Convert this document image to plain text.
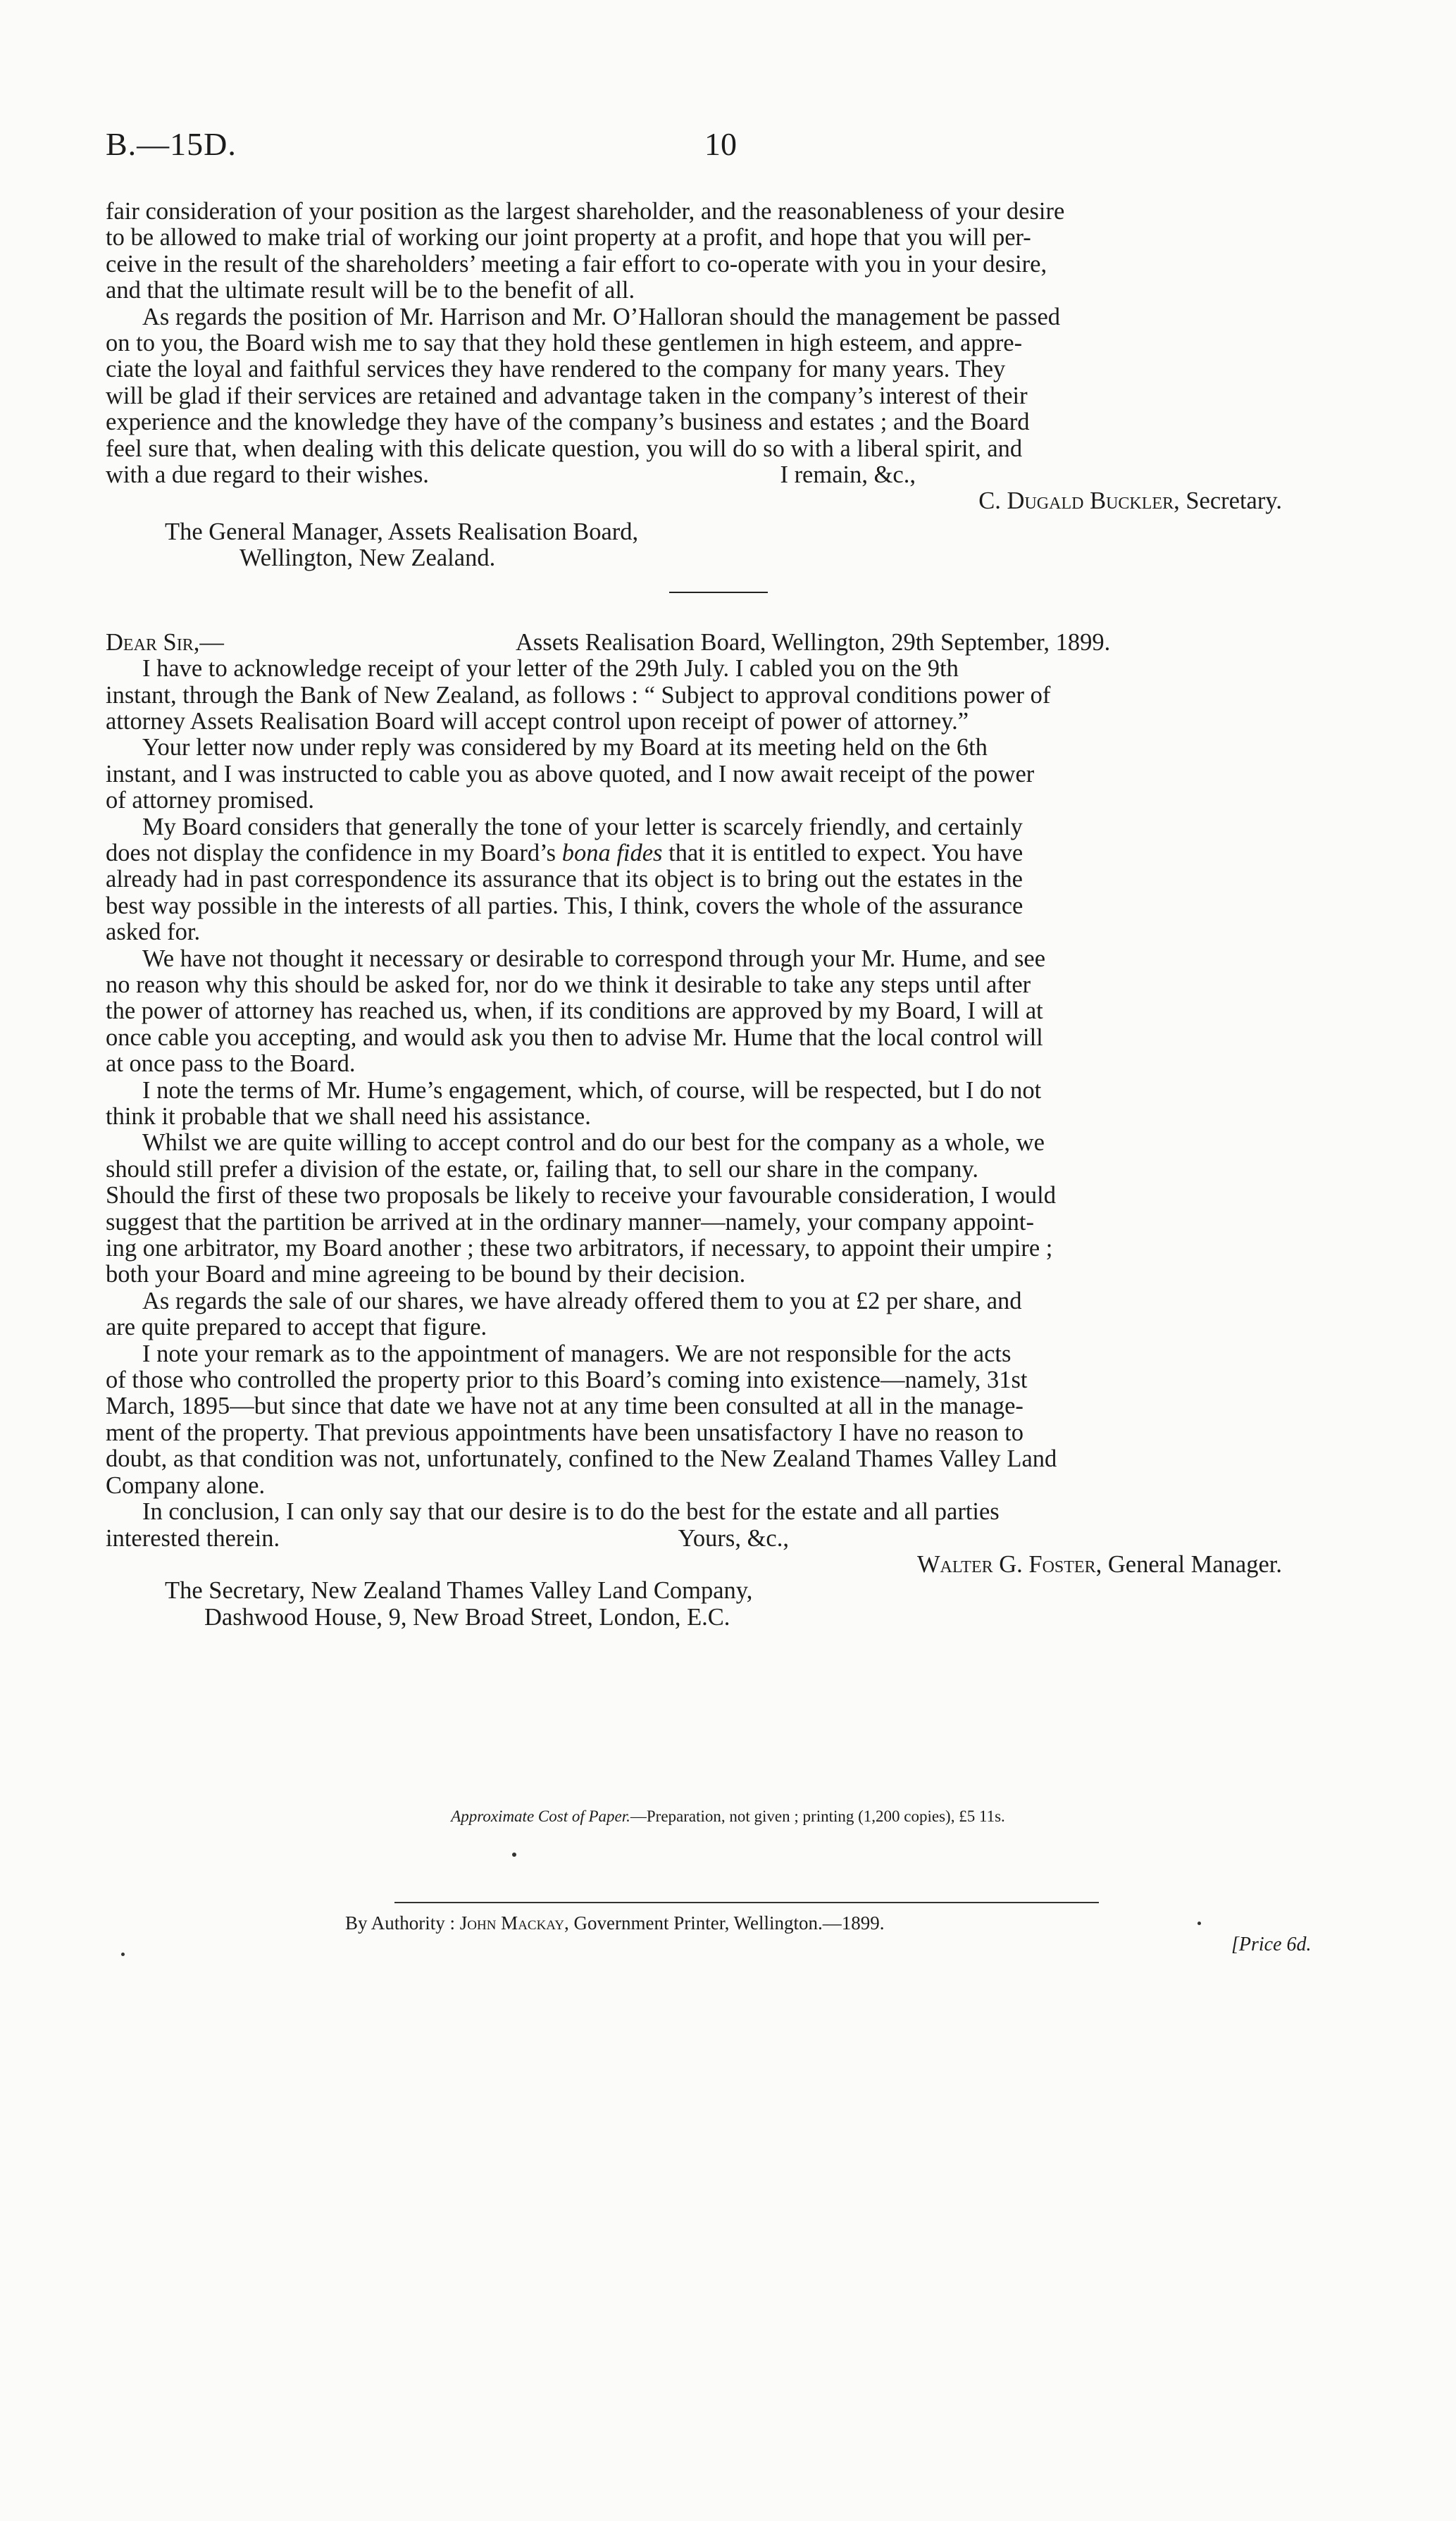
B.—15D.	10

fair consideration of your position as the largest shareholder, and the reasonableness of your desire

to be allowed to make trial of working our joint property at a profit, and hope that you will per-

ceive in the result of the shareholders’ meeting a fair effort to co-operate with you in your desire,

and that the ultimate result will be to the benefit of all.

As regards the position of Mr. Harrison and Mr. O’Halloran should the management be passed

on to you, the Board wish me to say that they hold these gentlemen in high esteem, and appre-

ciate the loyal and faithful services they have rendered to the company for many years. They

will be glad if their services are retained and advantage taken in the company’s interest of their

experience and the knowledge they have of the company’s business and estates ; and the Board

feel sure that, when dealing with this delicate question, you will do so with a liberal spirit, and

with a due regard to their wishes.	I remain, &c.,
C. Dugald Buckler, Secretary.
The General Manager, Assets Realisation Board,
Wellington, New Zealand.
Dear Sir,—	Assets Realisation Board, Wellington, 29th September, 1899.

I have to acknowledge receipt of your letter of the 29th July. I cabled you on the 9th

instant, through the Bank of New Zealand, as follows : “ Subject to approval conditions power of

attorney Assets Realisation Board will accept control upon receipt of power of attorney.”

Your letter now under reply was considered by my Board at its meeting held on the 6th

instant, and I was instructed to cable you as above quoted, and I now await receipt of the power

of attorney promised.

My Board considers that generally the tone of your letter is scarcely friendly, and certainly

does not display the confidence in my Board’s bona fides that it is entitled to expect. You have

already had in past correspondence its assurance that its object is to bring out the estates in the

best way possible in the interests of all parties. This, I think, covers the whole of the assurance

asked for.

We have not thought it necessary or desirable to correspond through your Mr. Hume, and see

no reason why this should be asked for, nor do we think it desirable to take any steps until after

the power of attorney has reached us, when, if its conditions are approved by my Board, I will at

once cable you accepting, and would ask you then to advise Mr. Hume that the local control will

at once pass to the Board.

I note the terms of Mr. Hume’s engagement, which, of course, will be respected, but I do not

think it probable that we shall need his assistance.

Whilst we are quite willing to accept control and do our best for the company as a whole, we

should still prefer a division of the estate, or, failing that, to sell our share in the company.

Should the first of these two proposals be likely to receive your favourable consideration, I would

suggest that the partition be arrived at in the ordinary manner—namely, your company appoint-

ing one arbitrator, my Board another ; these two arbitrators, if necessary, to appoint their umpire ;

both your Board and mine agreeing to be bound by their decision.

As regards the sale of our shares, we have already offered them to you at £2 per share, and

are quite prepared to accept that figure.

I note your remark as to the appointment of managers. We are not responsible for the acts

of those who controlled the property prior to this Board’s coming into existence—namely, 31st

March, 1895—but since that date we have not at any time been consulted at all in the manage-

ment of the property. That previous appointments have been unsatisfactory I have no reason to

doubt, as that condition was not, unfortunately, confined to the New Zealand Thames Valley Land

Company alone.

In conclusion, I can only say that our desire is to do the best for the estate and all parties

interested therein.	Yours, &c.,
Walter G. Foster, General Manager.
The Secretary, New Zealand Thames Valley Land Company,
Dashwood House, 9, New Broad Street, London, E.C.
Approximate Cost of Paper.—Preparation, not given ; printing (1,200 copies), £5 11s.
By Authority : John Mackay, Government Printer, Wellington.—1899.
[Price 6d.
